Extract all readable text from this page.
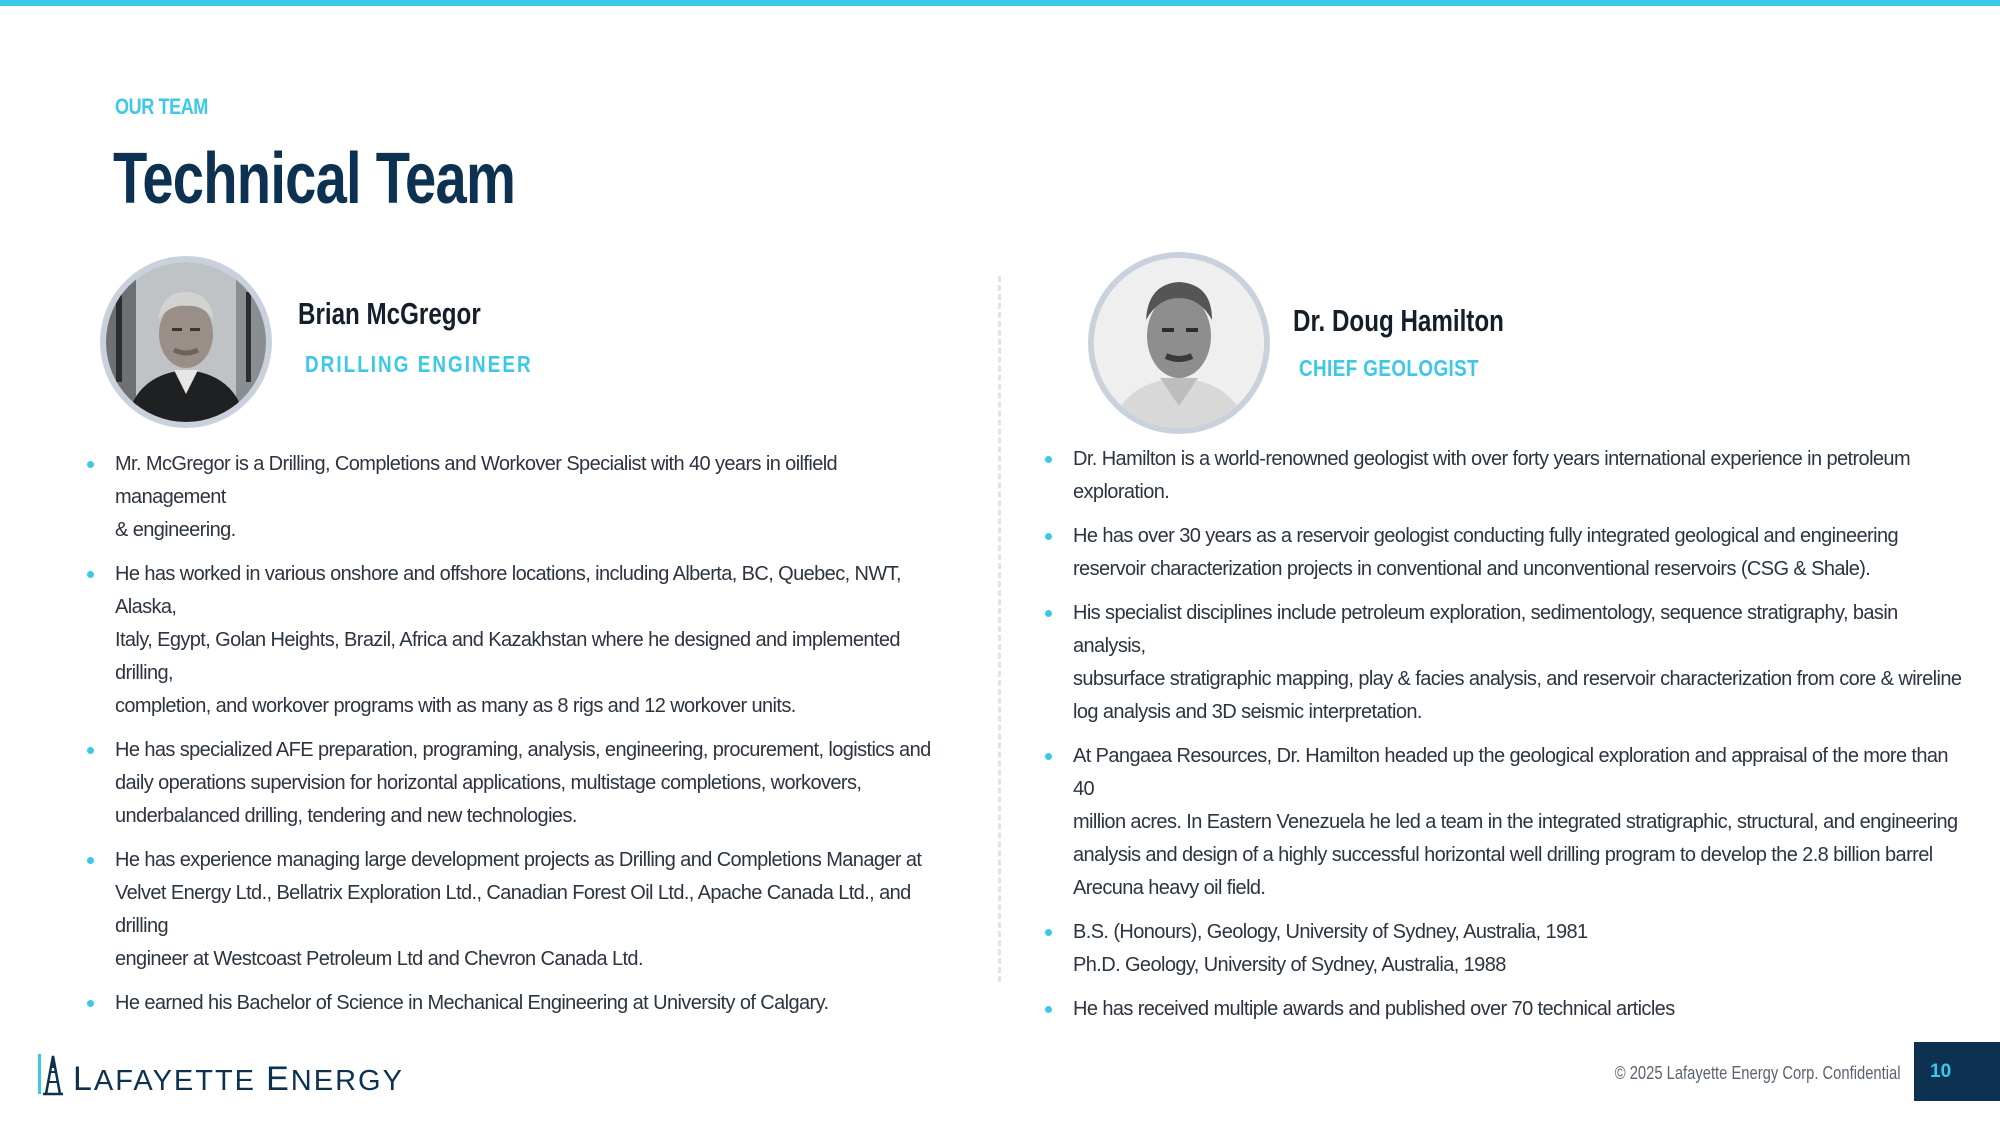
OUR TEAM
Technical Team
Brian McGregor
DRILLING ENGINEER
Mr. McGregor is a Drilling, Completions and Workover Specialist with 40 years in oilfield management
& engineering.
He has worked in various onshore and offshore locations, including Alberta, BC, Quebec, NWT, Alaska,
Italy, Egypt, Golan Heights, Brazil, Africa and Kazakhstan where he designed and implemented drilling,
completion, and workover programs with as many as 8 rigs and 12 workover units.
He has specialized AFE preparation, programing, analysis, engineering, procurement, logistics and
daily operations supervision for horizontal applications, multistage completions, workovers,
underbalanced drilling, tendering and new technologies.
He has experience managing large development projects as Drilling and Completions Manager at
Velvet Energy Ltd., Bellatrix Exploration Ltd., Canadian Forest Oil Ltd., Apache Canada Ltd., and drilling
engineer at Westcoast Petroleum Ltd and Chevron Canada Ltd.
He earned his Bachelor of Science in Mechanical Engineering at University of Calgary.
Dr. Doug Hamilton
CHIEF GEOLOGIST
Dr. Hamilton is a world-renowned geologist with over forty years international experience in petroleum
exploration.
He has over 30 years as a reservoir geologist conducting fully integrated geological and engineering
reservoir characterization projects in conventional and unconventional reservoirs (CSG & Shale).
His specialist disciplines include petroleum exploration, sedimentology, sequence stratigraphy, basin analysis,
subsurface stratigraphic mapping, play & facies analysis, and reservoir characterization from core & wireline
log analysis and 3D seismic interpretation.
At Pangaea Resources, Dr. Hamilton headed up the geological exploration and appraisal of the more than 40
million acres. In Eastern Venezuela he led a team in the integrated stratigraphic, structural, and engineering
analysis and design of a highly successful horizontal well drilling program to develop the 2.8 billion barrel
Arecuna heavy oil field.
B.S. (Honours), Geology, University of Sydney, Australia, 1981
Ph.D. Geology, University of Sydney, Australia, 1988
He has received multiple awards and published over 70 technical articles
LAFAYETTE ENERGY	© 2025 Lafayette Energy Corp. Confidential	10
